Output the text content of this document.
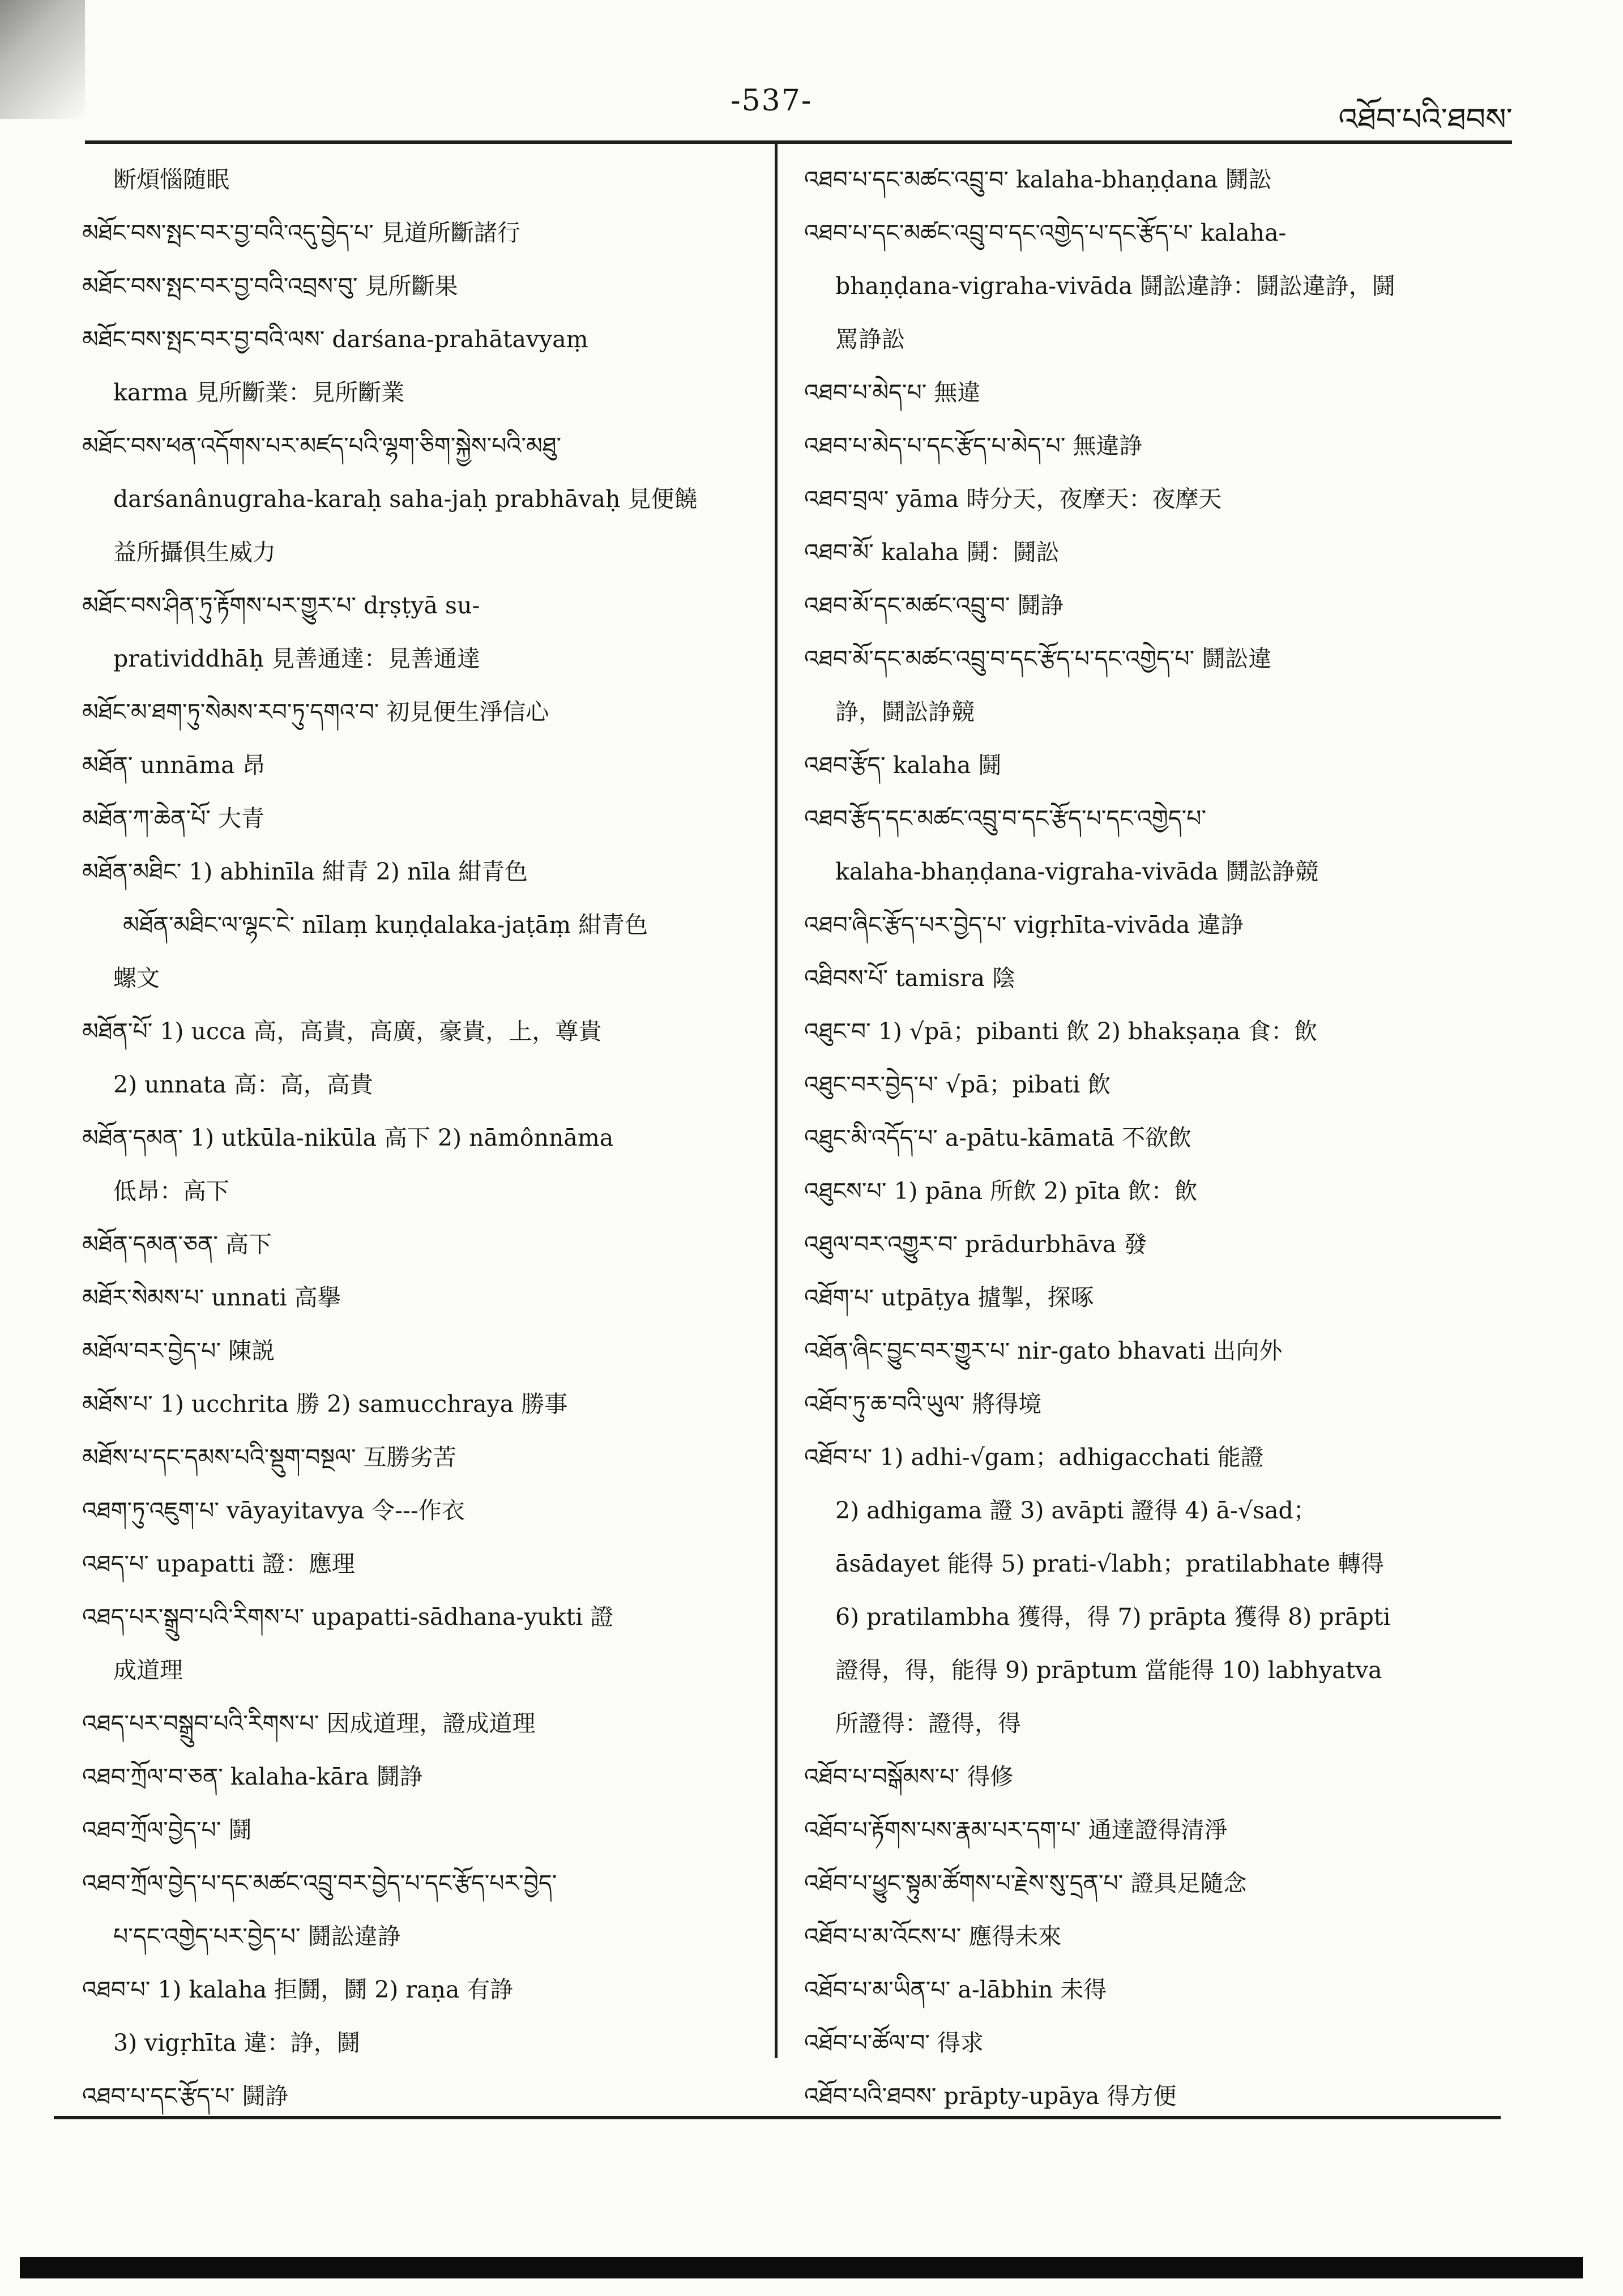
-537-
འཐོབ་པའི་ཐབས་
断煩惱随眠
མཐོང་བས་སྤང་བར་བྱ་བའི་འདུ་བྱེད་པ་ 見道所斷諸行
མཐོང་བས་སྤང་བར་བྱ་བའི་འབྲས་བུ་ 見所斷果
མཐོང་བས་སྤང་བར་བྱ་བའི་ལས་ darśana-prahātavyaṃ
karma 見所斷業：見所斷業
མཐོང་བས་ཕན་འདོགས་པར་མཛད་པའི་ལྷག་ཅིག་སྐྱེས་པའི་མཐུ་
darśanânugraha-karaḥ saha-jaḥ prabhāvaḥ 見便饒
益所攝俱生威力
མཐོང་བས་ཤིན་ཏུ་རྟོགས་པར་གྱུར་པ་ dṛṣṭyā su-
pratividdhāḥ 見善通達：見善通達
མཐོང་མ་ཐག་ཏུ་སེམས་རབ་ཏུ་དགའ་བ་ 初見便生淨信心
མཐོན་ unnāma 昂
མཐོན་ཀ་ཆེན་པོ་ 大青
མཐོན་མཐིང་ 1) abhinīla 紺青 2) nīla 紺青色
མཐོན་མཐིང་ལ་ལྷང་ངེ་ nīlaṃ kuṇḍalaka-jaṭāṃ 紺青色
螺文
མཐོན་པོ་ 1) ucca 高，高貴，高廣，豪貴，上，尊貴
2) unnata 高：高，高貴
མཐོན་དམན་ 1) utkūla-nikūla 高下 2) nāmônnāma
低昂：高下
མཐོན་དམན་ཅན་ 高下
མཐོར་སེམས་པ་ unnati 高擧
མཐོལ་བར་བྱེད་པ་ 陳説
མཐོས་པ་ 1) ucchrita 勝 2) samucchraya 勝事
མཐོས་པ་དང་དམས་པའི་སྡུག་བསྔལ་ 互勝劣苦
འཐག་ཏུ་འཇུག་པ་ vāyayitavya 令---作衣
འཐད་པ་ upapatti 證：應理
འཐད་པར་སྒྲུབ་པའི་རིགས་པ་ upapatti-sādhana-yukti 證
成道理
འཐད་པར་བསྒྲུབ་པའི་རིགས་པ་ 因成道理，證成道理
འཐབ་ཀྲོལ་བ་ཅན་ kalaha-kāra 鬪諍
འཐབ་ཀྲོལ་བྱེད་པ་ 鬪
འཐབ་ཀྲོལ་བྱེད་པ་དང་མཚང་འབྲུ་བར་བྱེད་པ་དང་རྩོད་པར་བྱེད་
པ་དང་འགྱེད་པར་བྱེད་པ་ 鬪訟違諍
འཐབ་པ་ 1) kalaha 拒鬪，鬪 2) raṇa 有諍
3) vigṛhīta 違：諍，鬪
འཐབ་པ་དང་རྩོད་པ་ 鬪諍
འཐབ་པ་དང་མཚང་འབྲུ་བ་ kalaha-bhaṇḍana 鬪訟
འཐབ་པ་དང་མཚང་འབྲུ་བ་དང་འགྱེད་པ་དང་རྩོད་པ་ kalaha-
bhaṇḍana-vigraha-vivāda 鬪訟違諍：鬪訟違諍，鬪
罵諍訟
འཐབ་པ་མེད་པ་ 無違
འཐབ་པ་མེད་པ་དང་རྩོད་པ་མེད་པ་ 無違諍
འཐབ་བྲལ་ yāma 時分天，夜摩天：夜摩天
འཐབ་མོ་ kalaha 鬪：鬪訟
འཐབ་མོ་དང་མཚང་འབྲུ་བ་ 鬪諍
འཐབ་མོ་དང་མཚང་འབྲུ་བ་དང་རྩོད་པ་དང་འགྱེད་པ་ 鬪訟違
諍，鬪訟諍競
འཐབ་རྩོད་ kalaha 鬪
འཐབ་རྩོད་དང་མཚང་འབྲུ་བ་དང་རྩོད་པ་དང་འགྱེད་པ་
kalaha-bhaṇḍana-vigraha-vivāda 鬪訟諍競
འཐབ་ཞིང་རྩོད་པར་བྱེད་པ་ vigṛhīta-vivāda 違諍
འཐིབས་པོ་ tamisra 陰
འཐུང་བ་ 1) √pā；pibanti 飲 2) bhakṣaṇa 食：飲
འཐུང་བར་བྱེད་པ་ √pā；pibati 飲
འཐུང་མི་འདོད་པ་ a-pātu-kāmatā 不欲飲
འཐུངས་པ་ 1) pāna 所飲 2) pīta 飲：飲
འཐུལ་བར་འགྱུར་བ་ prādurbhāva 發
འཐོག་པ་ utpāṭya 摣掣，探啄
འཐོན་ཞིང་བྱུང་བར་གྱུར་པ་ nir-gato bhavati 出向外
འཐོབ་ཏུ་ཆ་བའི་ཡུལ་ 將得境
འཐོབ་པ་ 1) adhi-√gam；adhigacchati 能證
2) adhigama 證 3) avāpti 證得 4) ā-√sad；
āsādayet 能得 5) prati-√labh；pratilabhate 轉得
6) pratilambha 獲得，得 7) prāpta 獲得 8) prāpti
證得，得，能得 9) prāptum 當能得 10) labhyatva
所證得：證得，得
འཐོབ་པ་བསྒོམས་པ་ 得修
འཐོབ་པ་རྟོགས་པས་རྣམ་པར་དག་པ་ 通達證得清淨
འཐོབ་པ་ཕྱུང་སྟུམ་ཚོགས་པ་རྗེས་སུ་དྲན་པ་ 證具足隨念
འཐོབ་པ་མ་འོངས་པ་ 應得未來
འཐོབ་པ་མ་ཡིན་པ་ a-lābhin 未得
འཐོབ་པ་ཚོལ་བ་ 得求
འཐོབ་པའི་ཐབས་ prāpty-upāya 得方便
